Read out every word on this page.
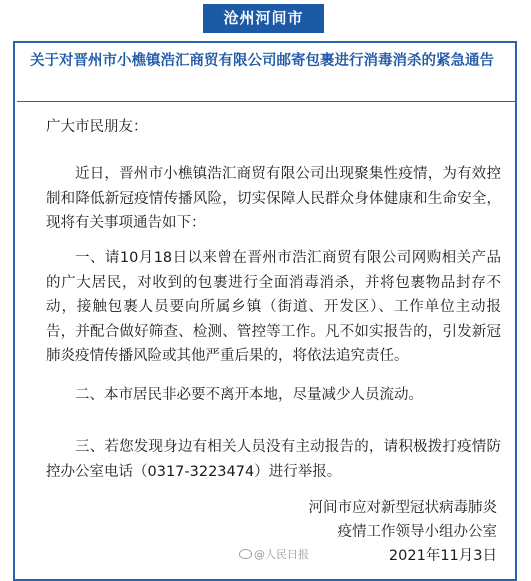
沧州河间市
关于对晋州市小樵镇浩汇商贸有限公司邮寄包裹进行消毒消杀的紧急通告

广大市民朋友：

近日，晋州市小樵镇浩汇商贸有限公司出现聚集性疫情，为有效控制和降低新冠疫情传播风险，切实保障人民群众身体健康和生命安全，现将有关事项通告如下：

一、请10月18日以来曾在晋州市浩汇商贸有限公司网购相关产品的广大居民，对收到的包裹进行全面消毒消杀，并将包裹物品封存不动，接触包裹人员要向所属乡镇（街道、开发区）、工作单位主动报告，并配合做好筛查、检测、管控等工作。凡不如实报告的，引发新冠肺炎疫情传播风险或其他严重后果的，将依法追究责任。

二、本市居民非必要不离开本地，尽量减少人员流动。

三、若您发现身边有相关人员没有主动报告的，请积极拨打疫情防控办公室电话（0317-3223474）进行举报。

河间市应对新型冠状病毒肺炎

疫情工作领导小组办公室

2021年11月3日

@人民日报
